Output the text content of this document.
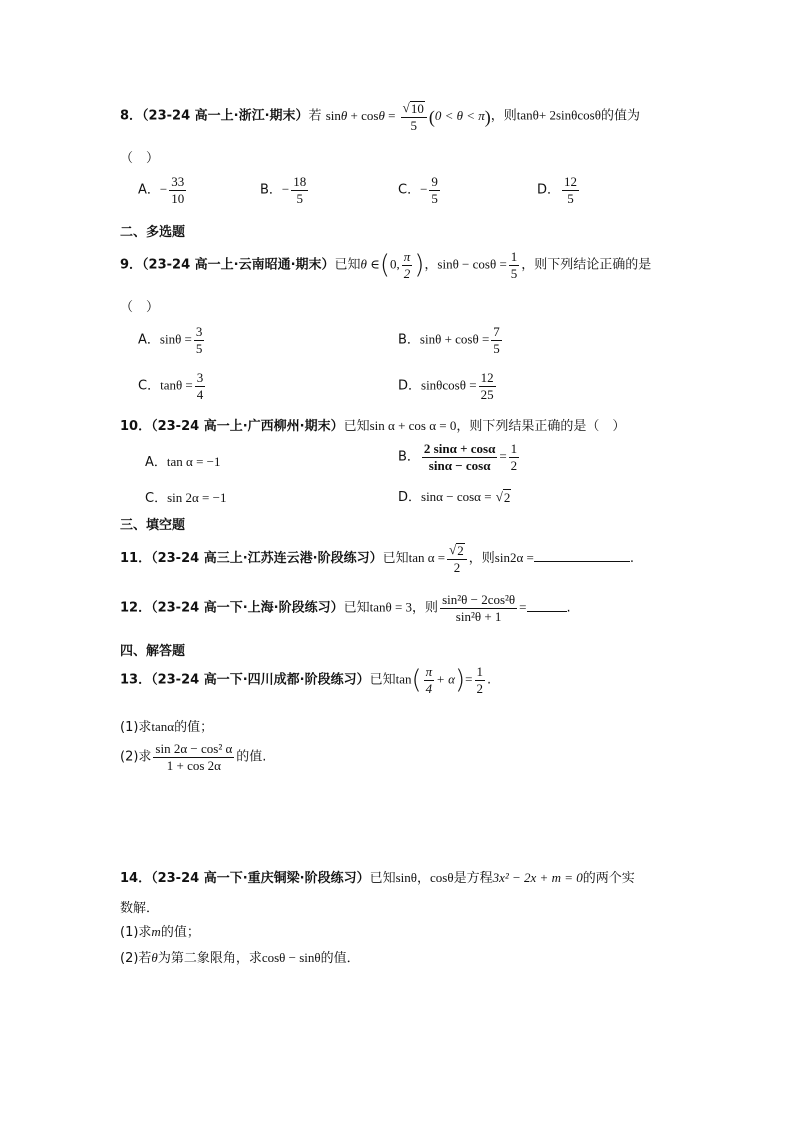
8．（23-24 高一上·浙江·期末）若 $\sin\theta + \cos\theta = \frac{√ 10}{5} (0 < \theta < \pi)$，则tanθ+ 2sinθcosθ的值为
（　）
A．− $\frac{33}{10}$	B．− $\frac{18}{5}$	C．− $\frac{9}{5}$	D． $\frac{12}{5}$
二、多选题
9．（23-24 高一上·云南昭通·期末）已知θ ∈(0, $\frac{\pi}{2}$ )，$\sin\theta - \cos\theta = \frac{1}{5}$ ，则下列结论正确的是
（　）
A．$\sin\theta = \frac{3}{5}$	B．$\sin\theta + \cos\theta = \frac{7}{5}$
C．$\tan\theta = \frac{3}{4}$	D．$\sin\theta\cos\theta = \frac{12}{25}$
10．（23-24 高一上·广西柳州·期末）已知sin α + cos α = 0，则下列结果正确的是（　）
A．tan α = −1	B． $\frac{2 \sin\alpha + \cos\alpha}{\sin\alpha - \cos\alpha} = \frac{1}{2}$
C．sin 2α = −1	D．sinα − cosα = √ 2
三、填空题
11．（23-24 高三上·江苏连云港·阶段练习）已知$\tan \alpha = \frac{√ 2}{2}$ ，则sin2α =	.
12．（23-24 高一下·上海·阶段练习）已知tanθ = 3，则 $\frac{\text{sin²θ − 2cos²θ}}{\text{sin²θ + 1}}$ =	.
四、解答题
13．（23-24 高一下·四川成都·阶段练习）已知$\tan( \frac{\pi}{4} + \alpha)= \frac{1}{2}$ .
(1)求tanα的值；
(2)求 $\frac{\text{sin 2α − cos² α}}{1 + \cos 2\alpha}$ 的值.
14．（23-24 高一下·重庆铜梁·阶段练习）已知sinθ，cosθ是方程3x² − 2x + m = 0的两个实
数解．
(1)求m的值；
(2)若θ为第二象限角，求cosθ − sinθ的值．
